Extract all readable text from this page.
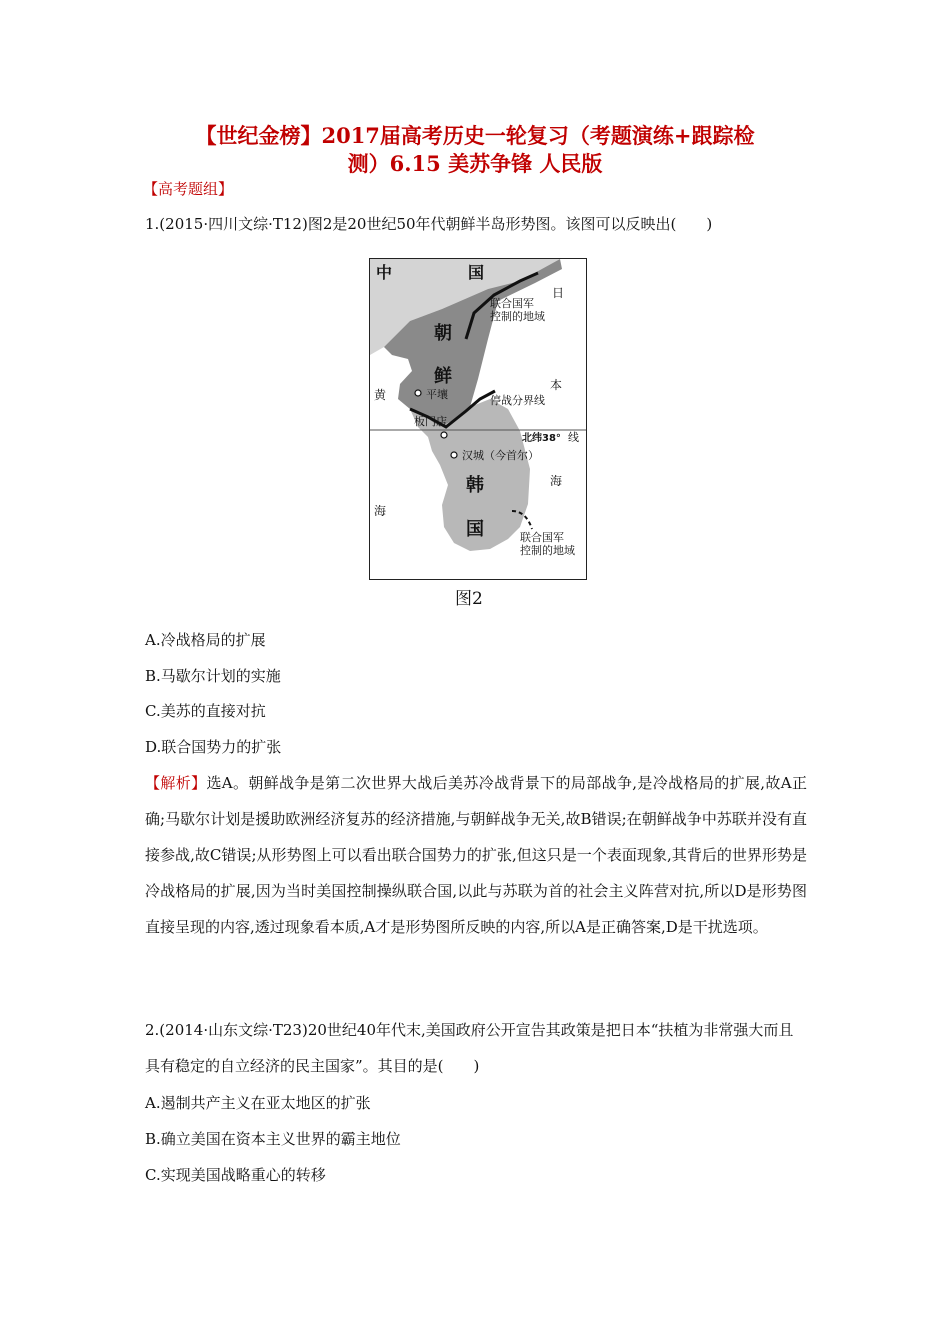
【世纪金榜】2017届高考历史一轮复习（考题演练+跟踪检
测）6.15 美苏争锋 人民版
【高考题组】
1.(2015·四川文综·T12)图2是20世纪50年代朝鲜半岛形势图。该图可以反映出(　　)
中	国
日
本
联合国军
控制的地域
朝
鲜
黄	平壤	停战分界线
板门店
北纬38° 线
汉城（今首尔）
海
韩
海
国	联合国军
控制的地域
图2
A.冷战格局的扩展
B.马歇尔计划的实施
C.美苏的直接对抗
D.联合国势力的扩张
【解析】选A。朝鲜战争是第二次世界大战后美苏冷战背景下的局部战争,是冷战格局的扩展,故A正确;马歇尔计划是援助欧洲经济复苏的经济措施,与朝鲜战争无关,故B错误;在朝鲜战争中苏联并没有直接参战,故C错误;从形势图上可以看出联合国势力的扩张,但这只是一个表面现象,其背后的世界形势是冷战格局的扩展,因为当时美国控制操纵联合国,以此与苏联为首的社会主义阵营对抗,所以D是形势图直接呈现的内容,透过现象看本质,A才是形势图所反映的内容,所以A是正确答案,D是干扰选项。
2.(2014·山东文综·T23)20世纪40年代末,美国政府公开宣告其政策是把日本“扶植为非常强大而且具有稳定的自立经济的民主国家”。其目的是(　　)
A.遏制共产主义在亚太地区的扩张
B.确立美国在资本主义世界的霸主地位
C.实现美国战略重心的转移
